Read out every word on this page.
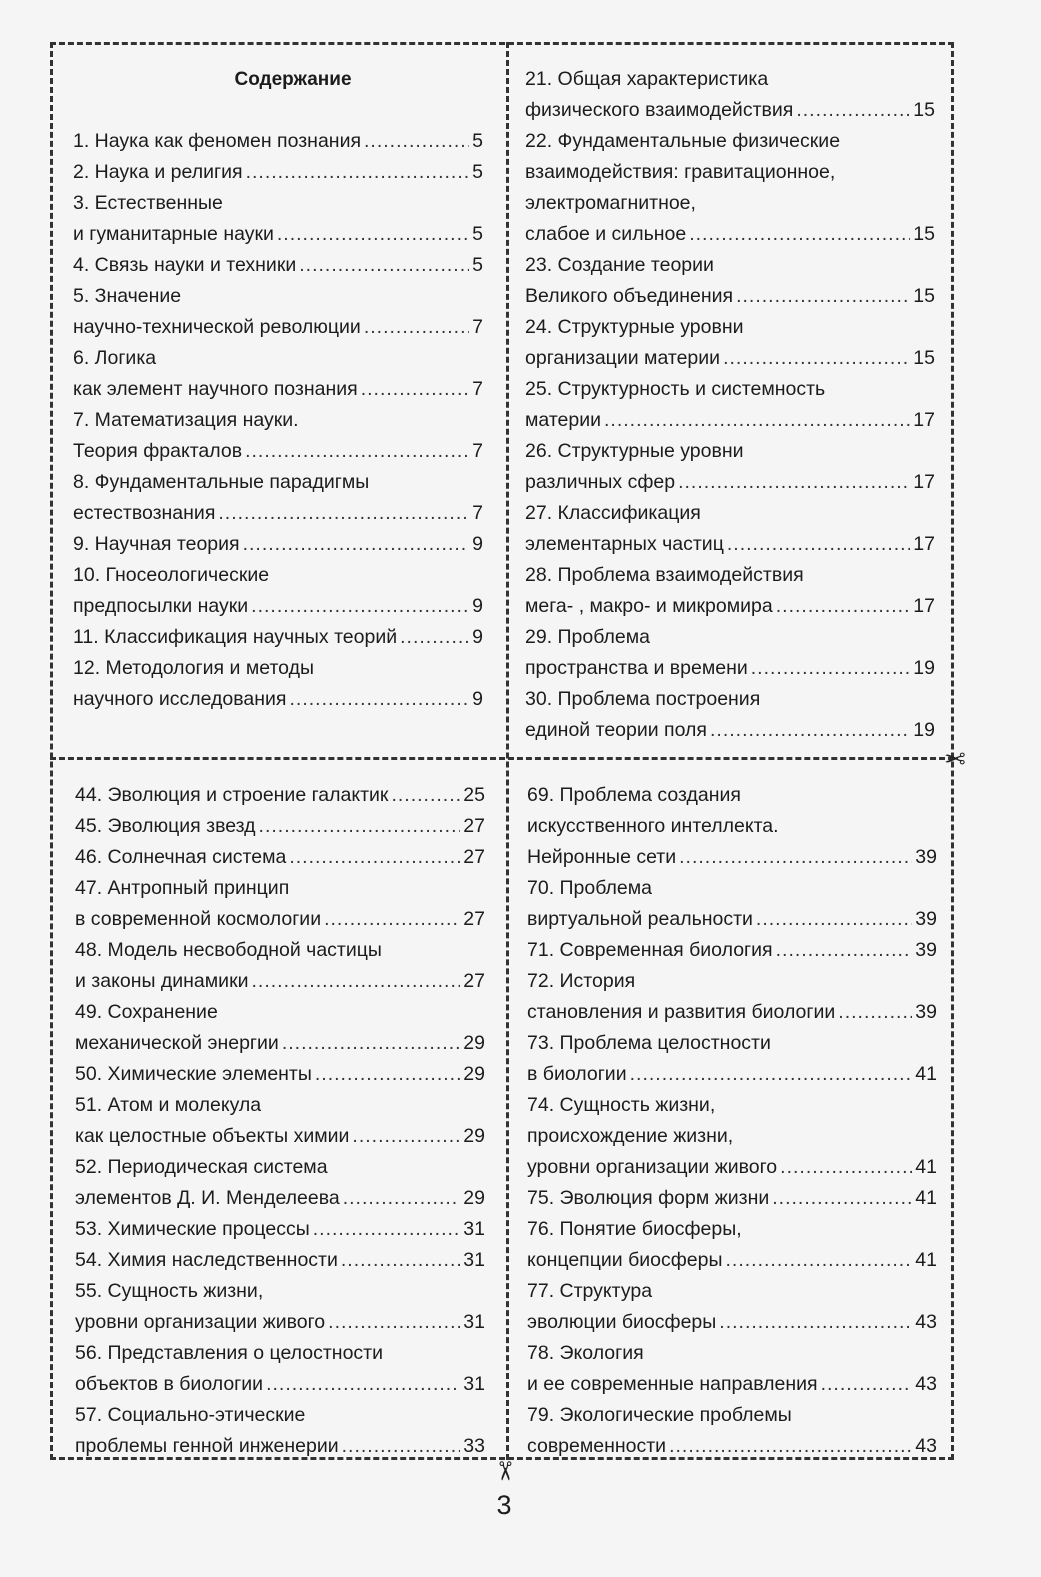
✂
✂
Содержание
1. Наука как феномен познания .....	5
2. Наука и религия .....	5
3. Естественные
и гуманитарные науки .....	5
4. Связь науки и техники .....	5
5. Значение
научно-технической революции .....	7
6. Логика
как элемент научного познания .....	7
7. Математизация науки.
Теория фракталов .....	7
8. Фундаментальные парадигмы
естествознания .....	7
9. Научная теория .....	9
10. Гносеологические
предпосылки науки .....	9
11. Классификация научных теорий .....	9
12. Методология и методы
научного исследования .....	9
21. Общая характеристика
физического взаимодействия .....	15
22. Фундаментальные физические
взаимодействия: гравитационное,
электромагнитное,
слабое и сильное .....	15
23. Создание теории
Великого объединения .....	15
24. Структурные уровни
организации материи .....	15
25. Структурность и системность
материи .....	17
26. Структурные уровни
различных сфер .....	17
27. Классификация
элементарных частиц .....	17
28. Проблема взаимодействия
мега- , макро- и микромира .....	17
29. Проблема
пространства и времени .....	19
30. Проблема построения
единой теории поля .....	19
44. Эволюция и строение галактик .....	25
45. Эволюция звезд .....	27
46. Солнечная система .....	27
47. Антропный принцип
в современной космологии .....	27
48. Модель несвободной частицы
и законы динамики .....	27
49. Сохранение
механической энергии .....	29
50. Химические элементы .....	29
51. Атом и молекула
как целостные объекты химии .....	29
52. Периодическая система
элементов Д. И. Менделеева .....	29
53. Химические процессы .....	31
54. Химия наследственности .....	31
55. Сущность жизни,
уровни организации живого .....	31
56. Представления о целостности
объектов в биологии .....	31
57. Социально-этические
проблемы генной инженерии .....	33
69. Проблема создания
искусственного интеллекта.
Нейронные сети .....	39
70. Проблема
виртуальной реальности .....	39
71. Современная биология .....	39
72. История
становления и развития биологии .....	39
73. Проблема целостности
в биологии .....	41
74. Сущность жизни,
происхождение жизни,
уровни организации живого .....	41
75. Эволюция форм жизни .....	41
76. Понятие биосферы,
концепции биосферы .....	41
77. Структура
эволюции биосферы .....	43
78. Экология
и ее современные направления .....	43
79. Экологические проблемы
современности .....	43
3
